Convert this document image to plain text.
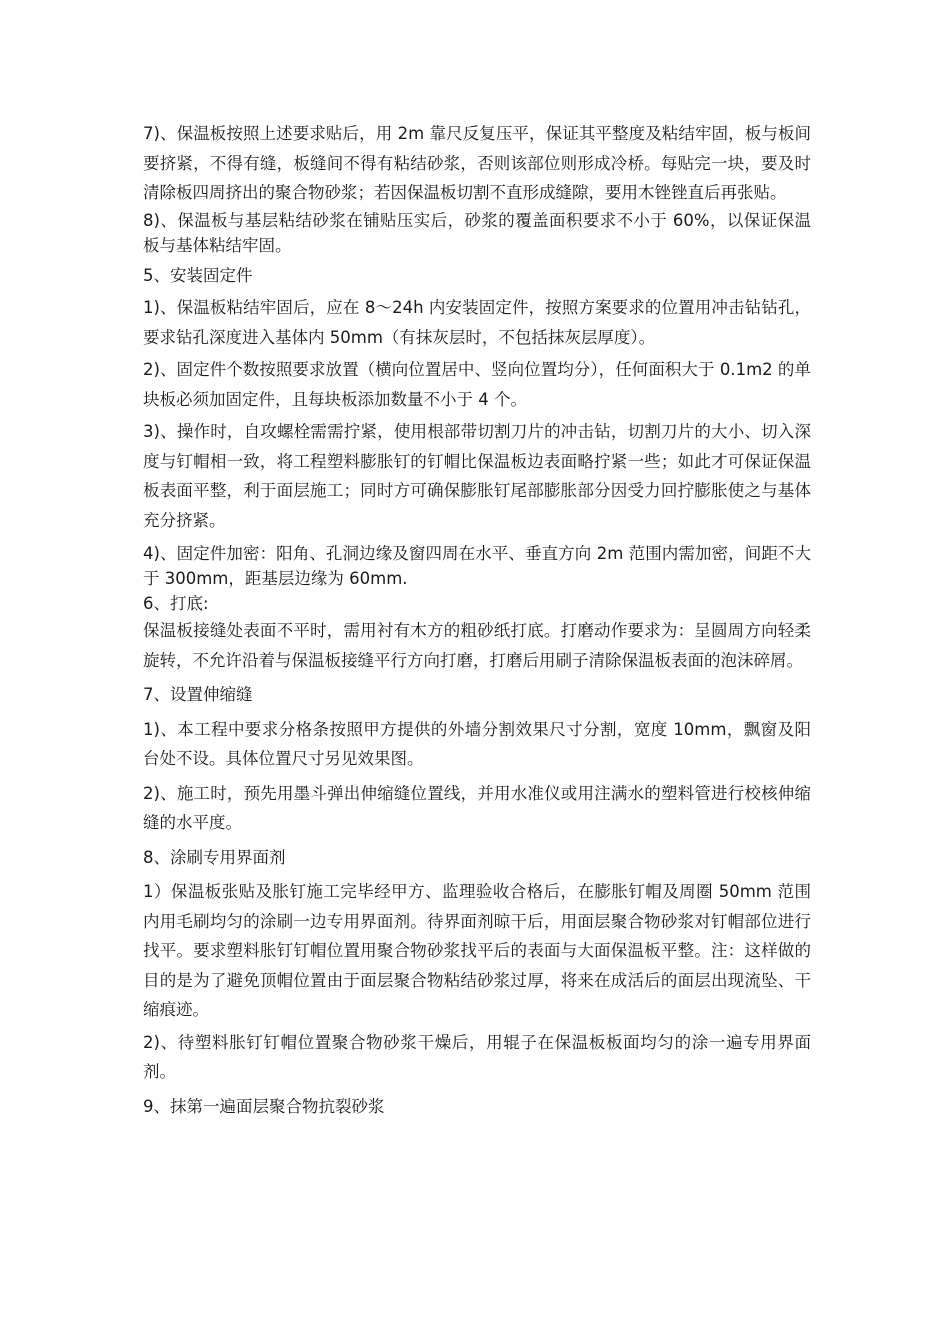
7)、保温板按照上述要求贴后，用 2m 靠尺反复压平，保证其平整度及粘结牢固，板与板间要挤紧，不得有缝，板缝间不得有粘结砂浆，否则该部位则形成冷桥。每贴完一块，要及时清除板四周挤出的聚合物砂浆；若因保温板切割不直形成缝隙，要用木锉锉直后再张贴。

8)、保温板与基层粘结砂浆在铺贴压实后，砂浆的覆盖面积要求不小于 60%，以保证保温板与基体粘结牢固。

5、安装固定件

1)、保温板粘结牢固后，应在 8～24h 内安装固定件，按照方案要求的位置用冲击钻钻孔，要求钻孔深度进入基体内 50mm（有抹灰层时，不包括抹灰层厚度）。

2)、固定件个数按照要求放置（横向位置居中、竖向位置均分），任何面积大于 0.1m2 的单块板必须加固定件，且每块板添加数量不小于 4 个。

3)、操作时，自攻螺栓需需拧紧，使用根部带切割刀片的冲击钻，切割刀片的大小、切入深度与钉帽相一致，将工程塑料膨胀钉的钉帽比保温板边表面略拧紧一些；如此才可保证保温板表面平整，利于面层施工；同时方可确保膨胀钉尾部膨胀部分因受力回拧膨胀使之与基体充分挤紧。

4)、固定件加密：阳角、孔洞边缘及窗四周在水平、垂直方向 2m 范围内需加密，间距不大于 300mm，距基层边缘为 60mm.

6、打底:

保温板接缝处表面不平时，需用衬有木方的粗砂纸打底。打磨动作要求为：呈圆周方向轻柔旋转，不允许沿着与保温板接缝平行方向打磨，打磨后用刷子清除保温板表面的泡沫碎屑。

7、设置伸缩缝

1)、本工程中要求分格条按照甲方提供的外墙分割效果尺寸分割，宽度 10mm，飘窗及阳台处不设。具体位置尺寸另见效果图。

2)、施工时，预先用墨斗弹出伸缩缝位置线，并用水准仪或用注满水的塑料管进行校核伸缩缝的水平度。

8、涂刷专用界面剂

1）保温板张贴及胀钉施工完毕经甲方、监理验收合格后，在膨胀钉帽及周圈 50mm 范围内用毛刷均匀的涂刷一边专用界面剂。待界面剂晾干后，用面层聚合物砂浆对钉帽部位进行找平。要求塑料胀钉钉帽位置用聚合物砂浆找平后的表面与大面保温板平整。注：这样做的目的是为了避免顶帽位置由于面层聚合物粘结砂浆过厚，将来在成活后的面层出现流坠、干缩痕迹。

2)、待塑料胀钉钉帽位置聚合物砂浆干燥后，用辊子在保温板板面均匀的涂一遍专用界面剂。

9、抹第一遍面层聚合物抗裂砂浆
